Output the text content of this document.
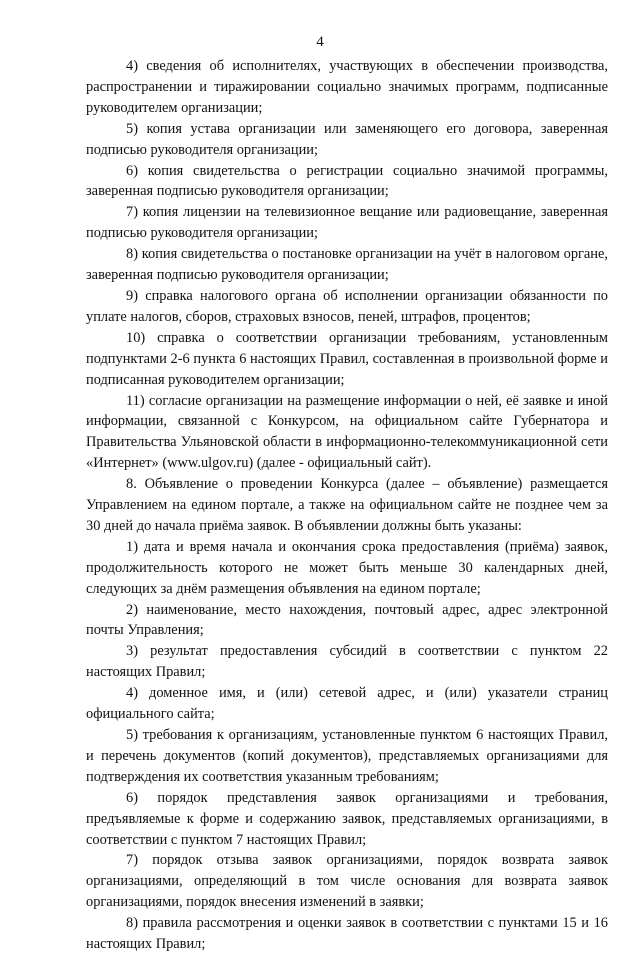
4

4) сведения об исполнителях, участвующих в обеспечении производства, распространении и тиражировании социально значимых программ, подписанные руководителем организации;

5) копия устава организации или заменяющего его договора, заверенная подписью руководителя организации;

6) копия свидетельства о регистрации социально значимой программы, заверенная подписью руководителя организации;

7) копия лицензии на телевизионное вещание или радиовещание, заверенная подписью руководителя организации;

8) копия свидетельства о постановке организации на учёт в налоговом органе, заверенная подписью руководителя организации;

9) справка налогового органа об исполнении организации обязанности по уплате налогов, сборов, страховых взносов, пеней, штрафов, процентов;

10) справка о соответствии организации требованиям, установленным подпунктами 2-6 пункта 6 настоящих Правил, составленная в произвольной форме и подписанная руководителем организации;

11) согласие организации на размещение информации о ней, её заявке и иной информации, связанной с Конкурсом, на официальном сайте Губернатора и Правительства Ульяновской области в информационно-телекоммуникационной сети «Интернет» (www.ulgov.ru) (далее - официальный сайт).

8. Объявление о проведении Конкурса (далее – объявление) размещается Управлением на едином портале, а также на официальном сайте не позднее чем за 30 дней до начала приёма заявок. В объявлении должны быть указаны:

1) дата и время начала и окончания срока предоставления (приёма) заявок, продолжительность которого не может быть меньше 30 календарных дней, следующих за днём размещения объявления на едином портале;

2) наименование, место нахождения, почтовый адрес, адрес электронной почты Управления;

3) результат предоставления субсидий в соответствии с пунктом 22 настоящих Правил;

4) доменное имя, и (или) сетевой адрес, и (или) указатели страниц официального сайта;

5) требования к организациям, установленные пунктом 6 настоящих Правил, и перечень документов (копий документов), представляемых организациями для подтверждения их соответствия указанным требованиям;

6) порядок представления заявок организациями и требования, предъявляемые к форме и содержанию заявок, представляемых организациями, в соответствии с пунктом 7 настоящих Правил;

7) порядок отзыва заявок организациями, порядок возврата заявок организациями, определяющий в том числе основания для возврата заявок организациями, порядок внесения изменений в заявки;

8) правила рассмотрения и оценки заявок в соответствии с пунктами 15 и 16 настоящих Правил;
